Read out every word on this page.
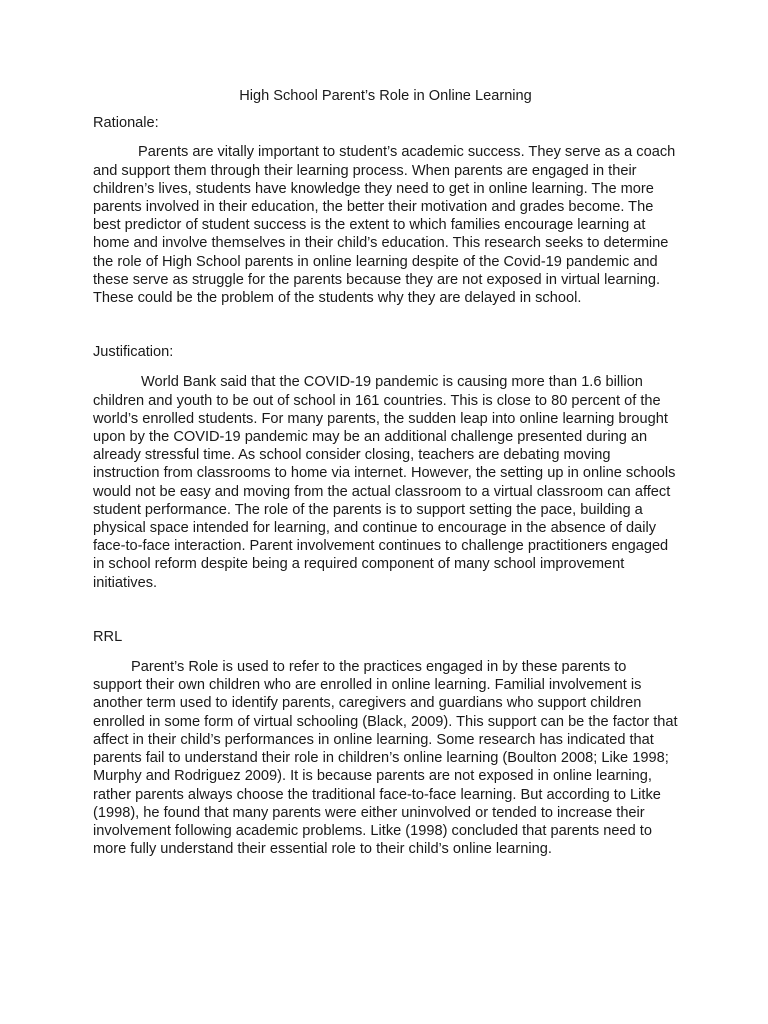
High School Parent’s Role in Online Learning
Rationale:

Parents are vitally important to student’s academic success. They serve as a coach and support them through their learning process. When parents are engaged in their children’s lives, students have knowledge they need to get in online learning. The more parents involved in their education, the better their motivation and grades become. The best predictor of student success is the extent to which families encourage learning at home and involve themselves in their child’s education. This research seeks to determine the role of High School parents in online learning despite of the Covid-19 pandemic and these serve as struggle for the parents because they are not exposed in virtual learning. These could be the problem of the students why they are delayed in school.

Justification:

World Bank said that the COVID-19 pandemic is causing more than 1.6 billion children and youth to be out of school in 161 countries. This is close to 80 percent of the world’s enrolled students. For many parents, the sudden leap into online learning brought upon by the COVID-19 pandemic may be an additional challenge presented during an already stressful time. As school consider closing, teachers are debating moving instruction from classrooms to home via internet. However, the setting up in online schools would not be easy and moving from the actual classroom to a virtual classroom can affect student performance. The role of the parents is to support setting the pace, building a physical space intended for learning, and continue to encourage in the absence of daily face-to-face interaction. Parent involvement continues to challenge practitioners engaged in school reform despite being a required component of many school improvement initiatives.

RRL

Parent’s Role is used to refer to the practices engaged in by these parents to support their own children who are enrolled in online learning. Familial involvement is another term used to identify parents, caregivers and guardians who support children enrolled in some form of virtual schooling (Black, 2009). This support can be the factor that affect in their child’s performances in online learning. Some research has indicated that parents fail to understand their role in children’s online learning (Boulton 2008; Like 1998; Murphy and Rodriguez 2009). It is because parents are not exposed in online learning, rather parents always choose the traditional face-to-face learning. But according to Litke (1998), he found that many parents were either uninvolved or tended to increase their involvement following academic problems. Litke (1998) concluded that parents need to more fully understand their essential role to their child’s online learning.
